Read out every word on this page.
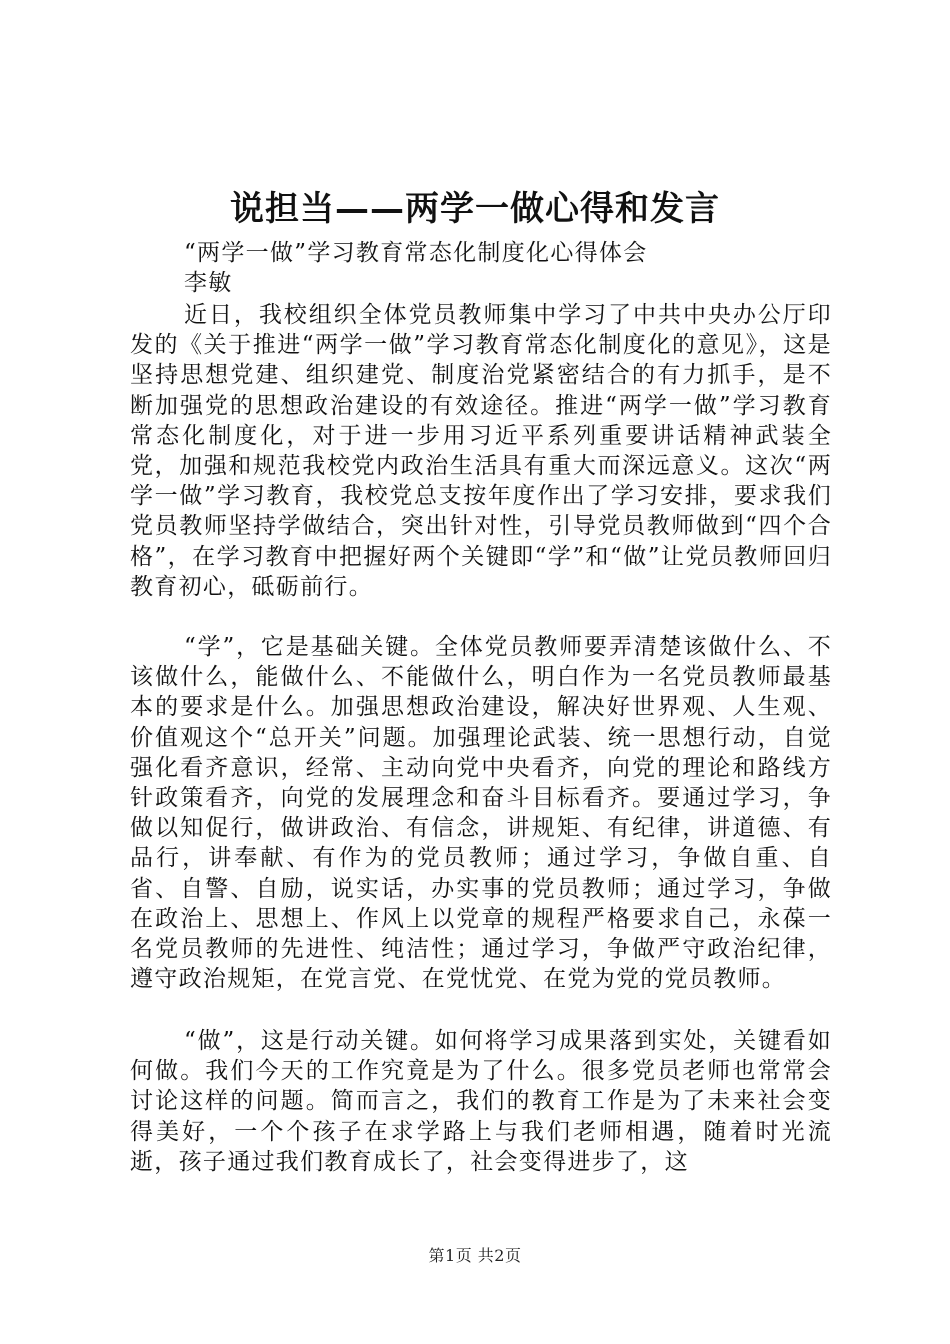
说担当——两学一做心得和发言
“两学一做”学习教育常态化制度化心得体会
李敏
近日，我校组织全体党员教师集中学习了中共中央办公厅印发的《关于推进“两学一做”学习教育常态化制度化的意见》，这是坚持思想党建、组织建党、制度治党紧密结合的有力抓手，是不断加强党的思想政治建设的有效途径。推进“两学一做”学习教育常态化制度化，对于进一步用习近平系列重要讲话精神武装全党，加强和规范我校党内政治生活具有重大而深远意义。这次“两学一做”学习教育，我校党总支按年度作出了学习安排，要求我们党员教师坚持学做结合，突出针对性，引导党员教师做到“四个合格”，在学习教育中把握好两个关键即“学”和“做”让党员教师回归教育初心，砥砺前行。
“学”，它是基础关键。全体党员教师要弄清楚该做什么、不该做什么，能做什么、不能做什么，明白作为一名党员教师最基本的要求是什么。加强思想政治建设，解决好世界观、人生观、价值观这个“总开关”问题。加强理论武装、统一思想行动，自觉强化看齐意识，经常、主动向党中央看齐，向党的理论和路线方针政策看齐，向党的发展理念和奋斗目标看齐。要通过学习，争做以知促行，做讲政治、有信念，讲规矩、有纪律，讲道德、有品行，讲奉献、有作为的党员教师；通过学习，争做自重、自省、自警、自励，说实话，办实事的党员教师；通过学习，争做在政治上、思想上、作风上以党章的规程严格要求自己，永葆一名党员教师的先进性、纯洁性；通过学习，争做严守政治纪律，遵守政治规矩，在党言党、在党忧党、在党为党的党员教师。
“做”，这是行动关键。如何将学习成果落到实处，关键看如何做。我们今天的工作究竟是为了什么。很多党员老师也常常会讨论这样的问题。简而言之，我们的教育工作是为了未来社会变得美好，一个个孩子在求学路上与我们老师相遇，随着时光流逝，孩子通过我们教育成长了，社会变得进步了，这
第1页 共2页
